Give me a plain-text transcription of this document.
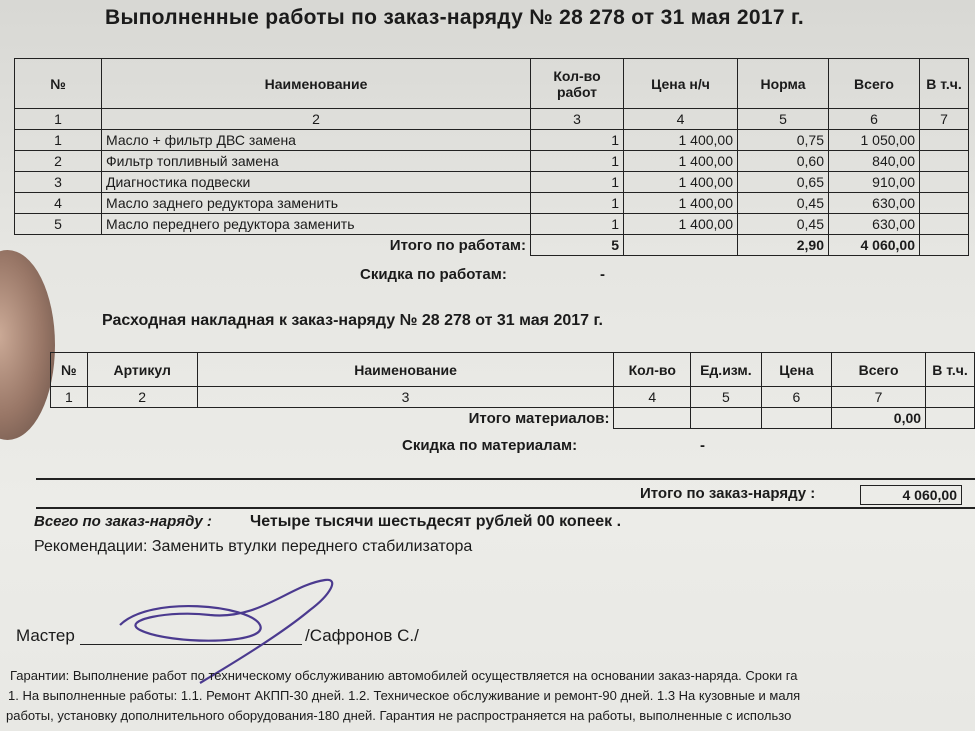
Выполненные работы по заказ-наряду № 28 278 от 31 мая 2017 г.
№	Наименование	Кол-во работ	Цена н/ч	Норма	Всего	В т.ч.
1	2	3	4	5	6	7
1	Масло + фильтр ДВС замена	1	1 400,00	0,75	1 050,00	
2	Фильтр топливный замена	1	1 400,00	0,60	840,00	
3	Диагностика подвески	1	1 400,00	0,65	910,00	
4	Масло заднего редуктора заменить	1	1 400,00	0,45	630,00	
5	Масло переднего редуктора заменить	1	1 400,00	0,45	630,00	
	Итого по работам:	5		2,90	4 060,00	
Скидка по работам:	-
Расходная накладная к заказ-наряду № 28 278 от 31 мая 2017 г.
№	Артикул	Наименование	Кол-во	Ед.изм.	Цена	Всего	В т.ч.
1	2	3	4	5	6	7	
Итого материалов:						0,00	
Скидка по материалам:	-
Итого по заказ-наряду :	4 060,00
Всего по заказ-наряду : Четыре тысячи шестьдесят рублей 00 копеек .
Рекомендации: Заменить втулки переднего стабилизатора
Мастер	/Сафронов С./
Гарантии: Выполнение работ по техническому обслуживанию автомобилей осуществляется на основании заказ-наряда. Сроки га
1. На выполненные работы: 1.1. Ремонт АКПП-30 дней. 1.2. Техническое обслуживание и ремонт-90 дней. 1.3 На кузовные и маля
работы, установку дополнительного оборудования-180 дней. Гарантия не распространяется на работы, выполненные с использо
